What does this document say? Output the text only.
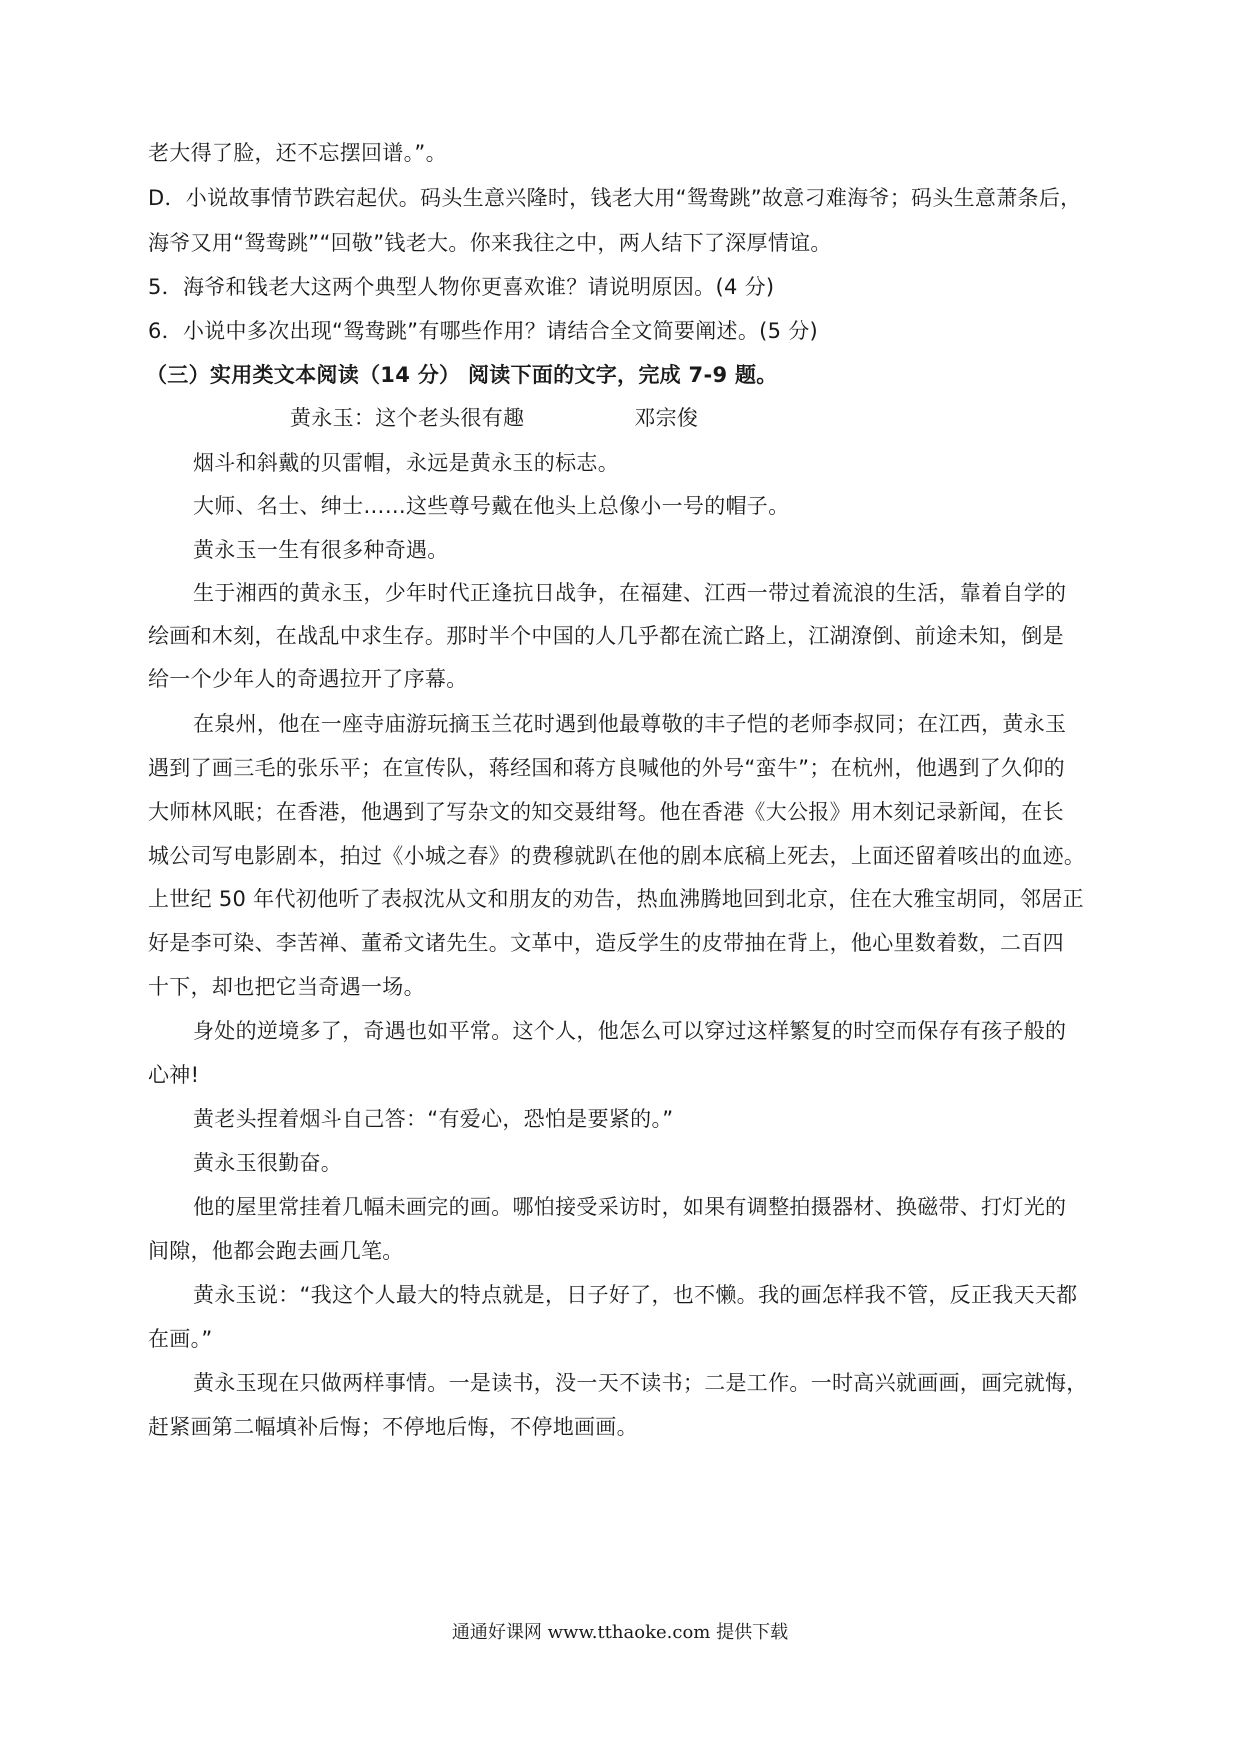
老大得了脸，还不忘摆回谱。”。
D．小说故事情节跌宕起伏。码头生意兴隆时，钱老大用“鸳鸯跳”故意刁难海爷；码头生意萧条后，
海爷又用“鸳鸯跳”“回敬”钱老大。你来我往之中，两人结下了深厚情谊。
5．海爷和钱老大这两个典型人物你更喜欢谁？请说明原因。(4 分)
6．小说中多次出现“鸳鸯跳”有哪些作用？请结合全文简要阐述。(5 分)
（三）实用类文本阅读（14 分） 阅读下面的文字，完成 7-9 题。
黄永玉：这个老头很有趣	邓宗俊
烟斗和斜戴的贝雷帽，永远是黄永玉的标志。
大师、名士、绅士……这些尊号戴在他头上总像小一号的帽子。
黄永玉一生有很多种奇遇。
生于湘西的黄永玉，少年时代正逢抗日战争，在福建、江西一带过着流浪的生活，靠着自学的
绘画和木刻，在战乱中求生存。那时半个中国的人几乎都在流亡路上，江湖潦倒、前途未知，倒是
给一个少年人的奇遇拉开了序幕。
在泉州，他在一座寺庙游玩摘玉兰花时遇到他最尊敬的丰子恺的老师李叔同；在江西，黄永玉
遇到了画三毛的张乐平；在宣传队，蒋经国和蒋方良喊他的外号“蛮牛”；在杭州，他遇到了久仰的
大师林风眠；在香港，他遇到了写杂文的知交聂绀弩。他在香港《大公报》用木刻记录新闻，在长
城公司写电影剧本，拍过《小城之春》的费穆就趴在他的剧本底稿上死去，上面还留着咳出的血迹。
上世纪 50 年代初他听了表叔沈从文和朋友的劝告，热血沸腾地回到北京，住在大雅宝胡同，邻居正
好是李可染、李苦禅、董希文诸先生。文革中，造反学生的皮带抽在背上，他心里数着数，二百四
十下，却也把它当奇遇一场。
身处的逆境多了，奇遇也如平常。这个人，他怎么可以穿过这样繁复的时空而保存有孩子般的
心神!
黄老头捏着烟斗自己答：“有爱心，恐怕是要紧的。”
黄永玉很勤奋。
他的屋里常挂着几幅未画完的画。哪怕接受采访时，如果有调整拍摄器材、换磁带、打灯光的
间隙，他都会跑去画几笔。
黄永玉说：“我这个人最大的特点就是，日子好了，也不懒。我的画怎样我不管，反正我天天都
在画。”
黄永玉现在只做两样事情。一是读书，没一天不读书；二是工作。一时高兴就画画，画完就悔，
赶紧画第二幅填补后悔；不停地后悔，不停地画画。
通通好课网 www.tthaoke.com 提供下载
